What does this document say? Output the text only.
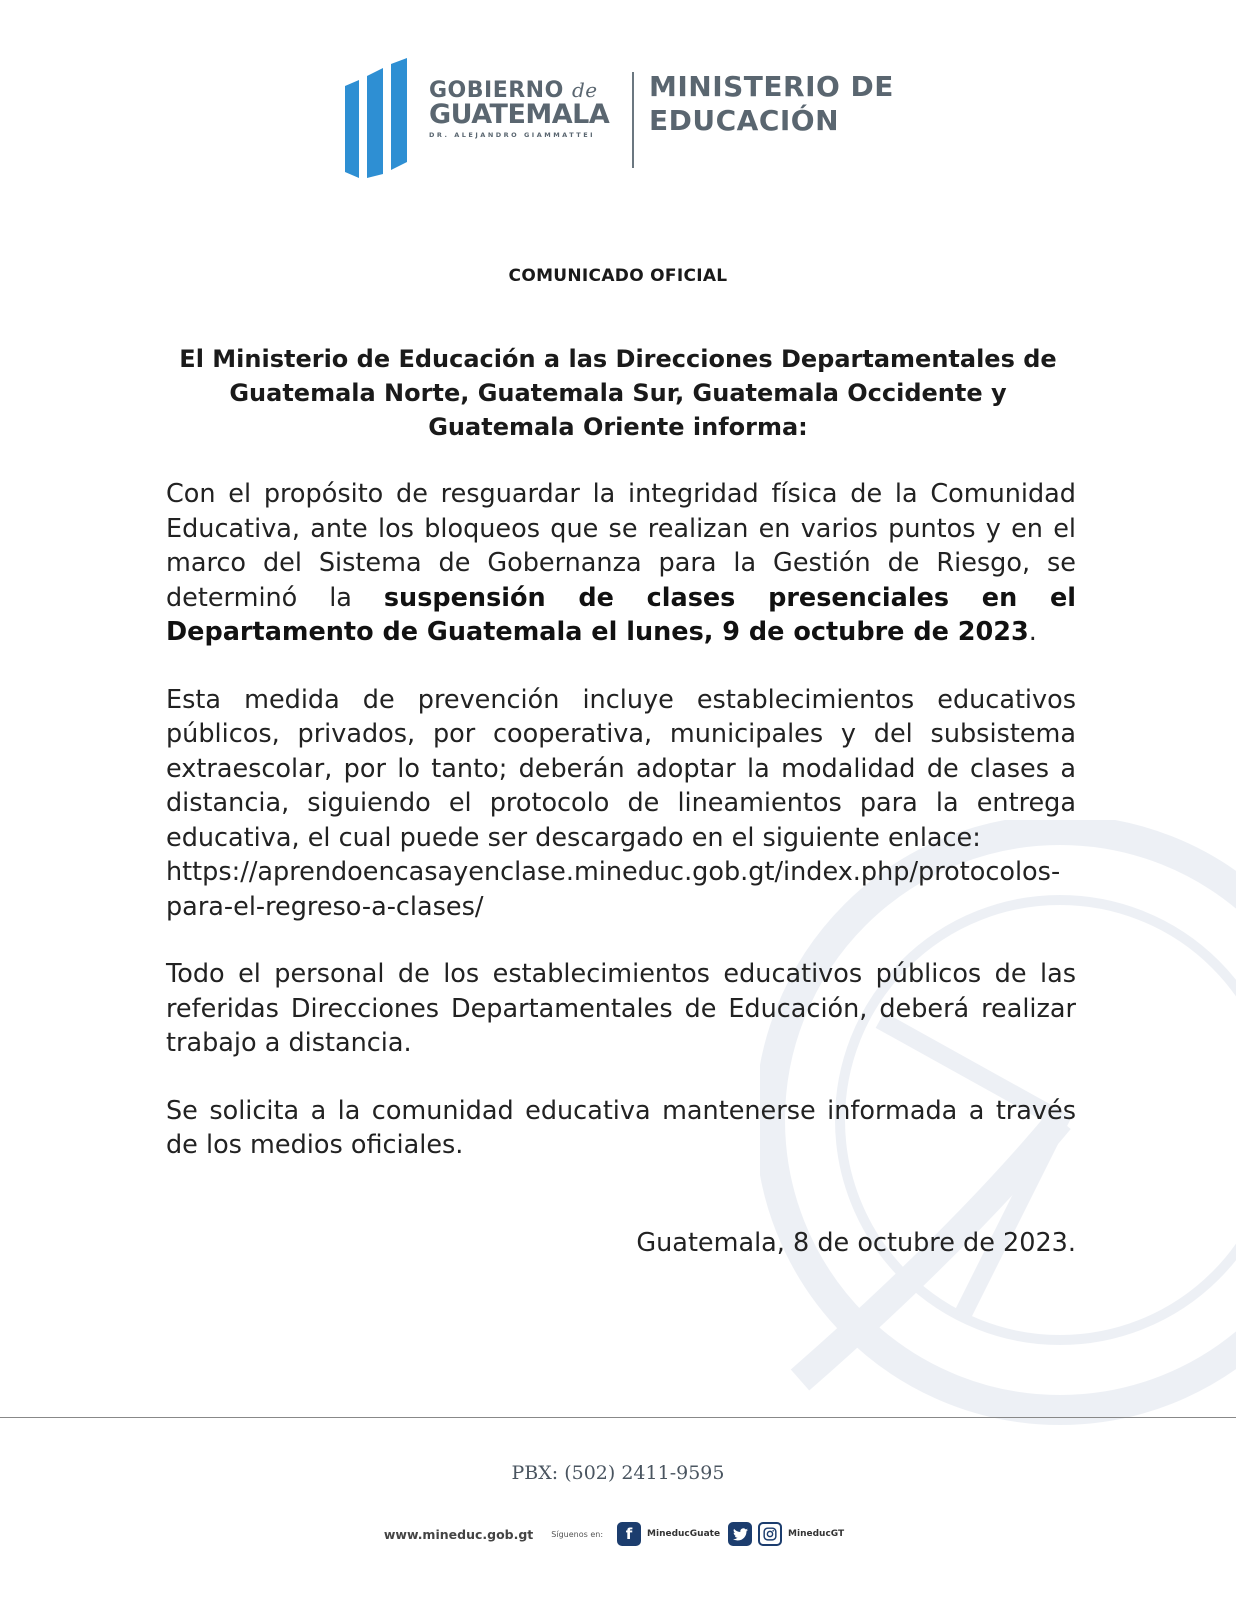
GOBIERNO de
GUATEMALA
DR. ALEJANDRO GIAMMATTEI
MINISTERIO DE
EDUCACIÓN
COMUNICADO OFICIAL
El Ministerio de Educación a las Direcciones Departamentales de Guatemala Norte, Guatemala Sur, Guatemala Occidente y Guatemala Oriente informa:

Con el propósito de resguardar la integridad física de la Comunidad Educativa, ante los bloqueos que se realizan en varios puntos y en el marco del Sistema de Gobernanza para la Gestión de Riesgo, se determinó la suspensión de clases presenciales en el Departamento de Guatemala el lunes, 9 de octubre de 2023.

Esta medida de prevención incluye establecimientos educativos públicos, privados, por cooperativa, municipales y del subsistema extraescolar, por lo tanto; deberán adoptar la modalidad de clases a distancia, siguiendo el protocolo de lineamientos para la entrega educativa, el cual puede ser descargado en el siguiente enlace:
https://aprendoencasayenclase.mineduc.gob.gt/index.php/protocolos-para-el-regreso-a-clases/

Todo el personal de los establecimientos educativos públicos de las referidas Direcciones Departamentales de Educación, deberá realizar trabajo a distancia.

Se solicita a la comunidad educativa mantenerse informada a través de los medios oficiales.

Guatemala, 8 de octubre de 2023.
PBX: (502) 2411-9595
www.mineduc.gob.gt Síguenos en:	f	MineducGuate	MineducGT
